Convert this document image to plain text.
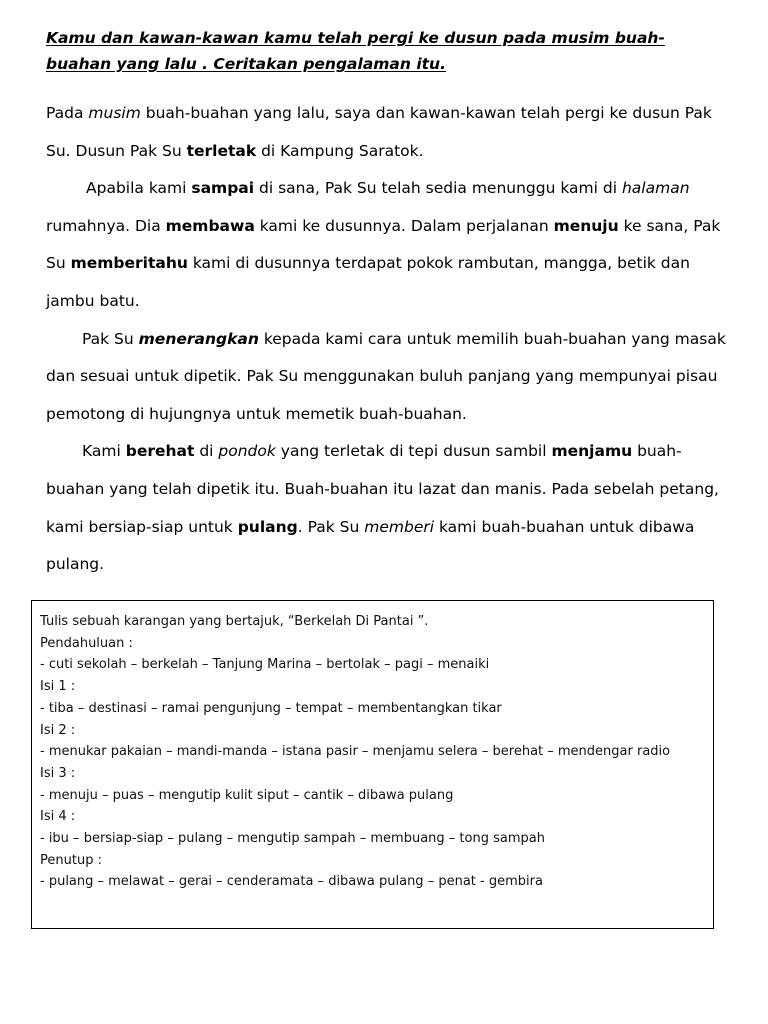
Kamu dan kawan-kawan kamu telah pergi ke dusun pada musim buah-
buahan yang lalu . Ceritakan pengalaman itu.

Pada musim buah-buahan yang lalu, saya dan kawan-kawan telah pergi ke dusun Pak Su. Dusun Pak Su terletak di Kampung Saratok.

Apabila kami sampai di sana, Pak Su telah sedia menunggu kami di halaman rumahnya. Dia membawa kami ke dusunnya. Dalam perjalanan menuju ke sana, Pak Su memberitahu kami di dusunnya terdapat pokok rambutan, mangga, betik dan jambu batu.

Pak Su menerangkan kepada kami cara untuk memilih buah-buahan yang masak dan sesuai untuk dipetik. Pak Su menggunakan buluh panjang yang mempunyai pisau pemotong di hujungnya untuk memetik buah-buahan.

Kami berehat di pondok yang terletak di tepi dusun sambil menjamu buah-buahan yang telah dipetik itu. Buah-buahan itu lazat dan manis. Pada sebelah petang, kami bersiap-siap untuk pulang. Pak Su memberi kami buah-buahan untuk dibawa pulang.

Tulis sebuah karangan yang bertajuk, “Berkelah Di Pantai ”.
Pendahuluan :
- cuti sekolah – berkelah – Tanjung Marina – bertolak – pagi – menaiki
Isi 1 :
- tiba – destinasi – ramai pengunjung – tempat – membentangkan tikar
Isi 2 :
- menukar pakaian – mandi-manda – istana pasir – menjamu selera – berehat – mendengar radio
Isi 3 :
- menuju – puas – mengutip kulit siput – cantik – dibawa pulang
Isi 4 :
- ibu – bersiap-siap – pulang – mengutip sampah – membuang – tong sampah
Penutup :
- pulang – melawat – gerai – cenderamata – dibawa pulang – penat - gembira
